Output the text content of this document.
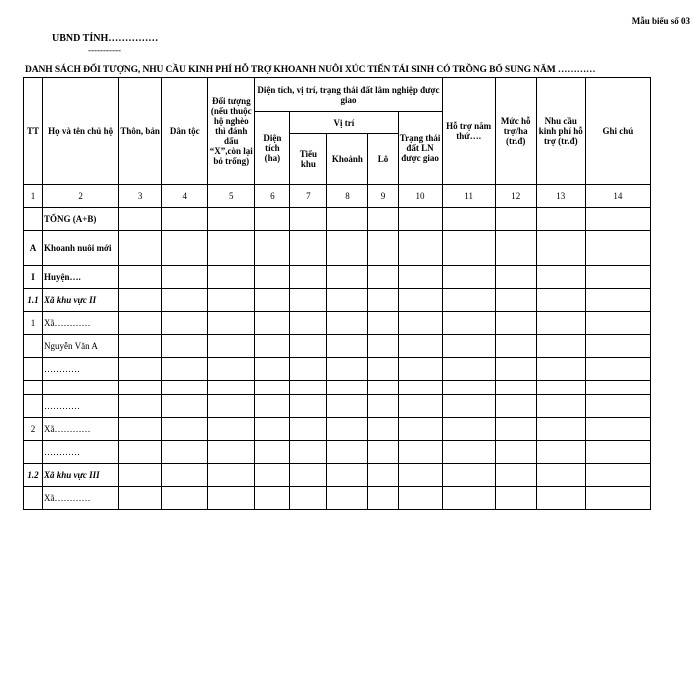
Mẫu biểu số 03
UBND TỈNH……………
-----------
DANH SÁCH ĐỐI TƯỢNG, NHU CẦU KINH PHÍ HỖ TRỢ KHOANH NUÔI XÚC TIẾN TÁI SINH CÓ TRỒNG BỔ SUNG NĂM …………
TT	Họ và tên chủ hộ	Thôn, bản	Dân tộc	Đối tượng (nếu thuộc hộ nghèo thì đánh dấu “X”,còn lại bỏ trống)	Diện tích, vị trí, trạng thái đất lâm nghiệp được giao					Hỗ trợ năm thứ….	Mức hỗ trợ/ha (tr.đ)	Nhu cầu kinh phí hỗ trợ (tr.đ)	Ghi chú
					Diện tích (ha)	Vị trí			Trạng thái đất LN được giao				
						Tiểu khu	Khoảnh	Lô					
1	2	3	4	5	6	7	8	9	10	11	12	13	14
	TỔNG (A+B)												
A	Khoanh nuôi mới												
I	Huyện….												
1.1	Xã khu vực II												
1	Xã…………												
	Nguyễn Văn A												
	…………												

	…………												
2	Xã…………												
	…………												
1.2	Xã khu vực III												
	Xã…………												
